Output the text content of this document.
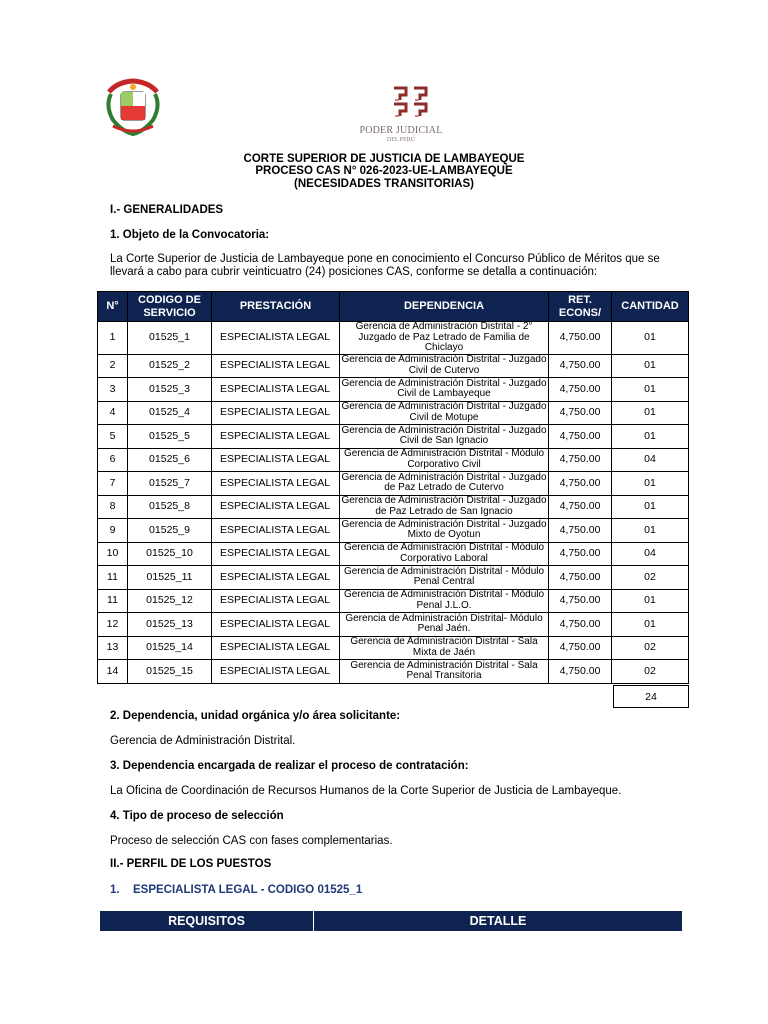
PODER JUDICIAL
DEL PERÚ
CORTE SUPERIOR DE JUSTICIA DE LAMBAYEQUE
PROCESO CAS N° 026-2023-UE-LAMBAYEQUE
(NECESIDADES TRANSITORIAS)
I.- GENERALIDADES
1. Objeto de la Convocatoria:
La Corte Superior de Justicia de Lambayeque pone en conocimiento el Concurso Público de Méritos que se
llevará a cabo para cubrir veinticuatro (24) posiciones CAS, conforme se detalla a continuación:
N°	CODIGO DE SERVICIO	PRESTACIÓN	DEPENDENCIA	RET. ECONS/	CANTIDAD
1	01525_1	ESPECIALISTA LEGAL	Gerencia de Administración Distrital - 2° Juzgado de Paz Letrado de Familia de Chiclayo	4,750.00	01
2	01525_2	ESPECIALISTA LEGAL	Gerencia de Administración Distrital - Juzgado Civil de Cutervo	4,750.00	01
3	01525_3	ESPECIALISTA LEGAL	Gerencia de Administración Distrital - Juzgado Civil de Lambayeque	4,750.00	01
4	01525_4	ESPECIALISTA LEGAL	Gerencia de Administración Distrital - Juzgado Civil de Motupe	4,750.00	01
5	01525_5	ESPECIALISTA LEGAL	Gerencia de Administración Distrital - Juzgado Civil de San Ignacio	4,750.00	01
6	01525_6	ESPECIALISTA LEGAL	Gerencia de Administración Distrital - Módulo Corporativo Civil	4,750.00	04
7	01525_7	ESPECIALISTA LEGAL	Gerencia de Administración Distrital - Juzgado de Paz Letrado de Cutervo	4,750.00	01
8	01525_8	ESPECIALISTA LEGAL	Gerencia de Administración Distrital - Juzgado de Paz Letrado de San Ignacio	4,750.00	01
9	01525_9	ESPECIALISTA LEGAL	Gerencia de Administración Distrital - Juzgado Mixto de Oyotun	4,750.00	01
10	01525_10	ESPECIALISTA LEGAL	Gerencia de Administración Distrital - Módulo Corporativo Laboral	4,750.00	04
11	01525_11	ESPECIALISTA LEGAL	Gerencia de Administración Distrital - Módulo Penal Central	4,750.00	02
11	01525_12	ESPECIALISTA LEGAL	Gerencia de Administración Distrital - Módulo Penal J.L.O.	4,750.00	01
12	01525_13	ESPECIALISTA LEGAL	Gerencia de Administración Distrital- Módulo Penal Jaén.	4,750.00	01
13	01525_14	ESPECIALISTA LEGAL	Gerencia de Administración Distrital - Sala Mixta de Jaén	4,750.00	02
14	01525_15	ESPECIALISTA LEGAL	Gerencia de Administración Distrital - Sala Penal Transitoria	4,750.00	02
24
2. Dependencia, unidad orgánica y/o área solicitante:
Gerencia de Administración Distrital.
3. Dependencia encargada de realizar el proceso de contratación:
La Oficina de Coordinación de Recursos Humanos de la Corte Superior de Justicia de Lambayeque.
4. Tipo de proceso de selección
Proceso de selección CAS con fases complementarias.
II.- PERFIL DE LOS PUESTOS
1. ESPECIALISTA LEGAL - CODIGO 01525_1
REQUISITOS	DETALLE
